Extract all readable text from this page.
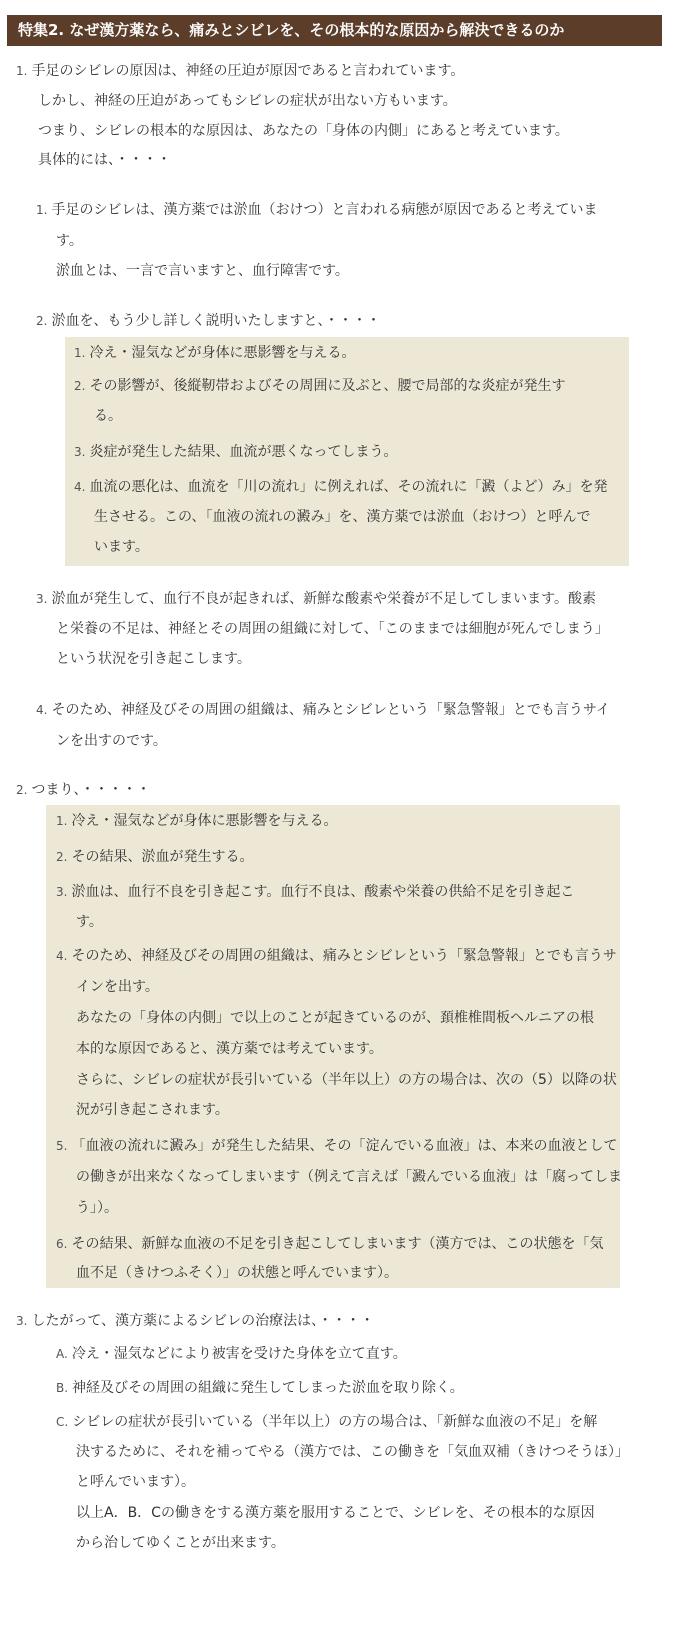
特集2. なぜ漢方薬なら、痛みとシビレを、その根本的な原因から解決できるのか
1. 手足のシビレの原因は、神経の圧迫が原因であると言われています。
しかし、神経の圧迫があってもシビレの症状が出ない方もいます。
つまり、シビレの根本的な原因は、あなたの「身体の内側」にあると考えています。
具体的には、・・・・
1. 手足のシビレは、漢方薬では淤血（おけつ）と言われる病態が原因であると考えていま
す。
淤血とは、一言で言いますと、血行障害です。
2. 淤血を、もう少し詳しく説明いたしますと、・・・・
1. 冷え・湿気などが身体に悪影響を与える。
2. その影響が、後縦靭帯およびその周囲に及ぶと、腰で局部的な炎症が発生す
る。
3. 炎症が発生した結果、血流が悪くなってしまう。
4. 血流の悪化は、血流を「川の流れ」に例えれば、その流れに「澱（よど）み」を発
生させる。この、「血液の流れの澱み」を、漢方薬では淤血（おけつ）と呼んで
います。
3. 淤血が発生して、血行不良が起きれば、新鮮な酸素や栄養が不足してしまいます。酸素
と栄養の不足は、神経とその周囲の組織に対して、「このままでは細胞が死んでしまう」
という状況を引き起こします。
4. そのため、神経及びその周囲の組織は、痛みとシビレという「緊急警報」とでも言うサイ
ンを出すのです。
2. つまり、・・・・・
1. 冷え・湿気などが身体に悪影響を与える。
2. その結果、淤血が発生する。
3. 淤血は、血行不良を引き起こす。血行不良は、酸素や栄養の供給不足を引き起こ
す。
4. そのため、神経及びその周囲の組織は、痛みとシビレという「緊急警報」とでも言うサ
インを出す。
あなたの「身体の内側」で以上のことが起きているのが、頚椎椎間板ヘルニアの根
本的な原因であると、漢方薬では考えています。
さらに、シビレの症状が長引いている（半年以上）の方の場合は、次の（5）以降の状
況が引き起こされます。
5. 「血液の流れに澱み」が発生した結果、その「淀んでいる血液」は、本来の血液として
の働きが出来なくなってしまいます（例えて言えば「澱んでいる血液」は「腐ってしま
う」）。
6. その結果、新鮮な血液の不足を引き起こしてしまいます（漢方では、この状態を「気
血不足（きけつふそく）」の状態と呼んでいます）。
3. したがって、漢方薬によるシビレの治療法は、・・・・
A. 冷え・湿気などにより被害を受けた身体を立て直す。
B. 神経及びその周囲の組織に発生してしまった淤血を取り除く。
C. シビレの症状が長引いている（半年以上）の方の場合は、「新鮮な血液の不足」を解
決するために、それを補ってやる（漢方では、この働きを「気血双補（きけつそうほ）」
と呼んでいます）。
以上A．B．Cの働きをする漢方薬を服用することで、シビレを、その根本的な原因
から治してゆくことが出来ます。
